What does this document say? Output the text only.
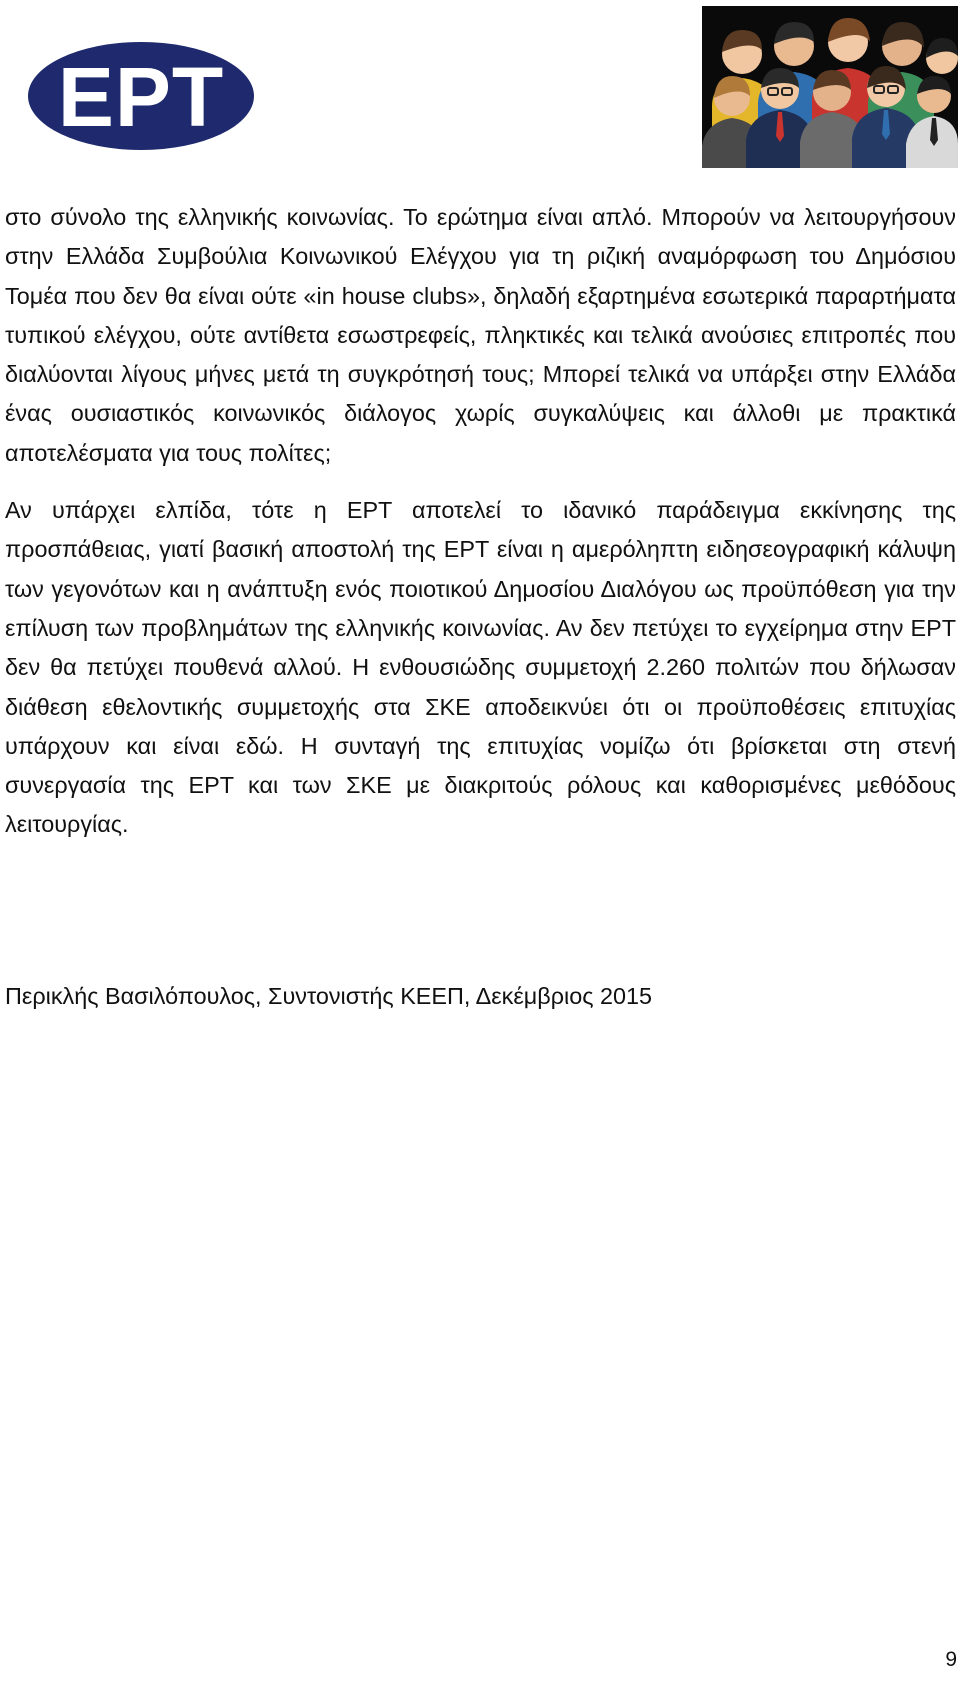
ΕΡΤ

στο σύνολο της ελληνικής κοινωνίας. Το ερώτημα είναι απλό. Μπορούν να λειτουργήσουν στην Ελλάδα Συμβούλια Κοινωνικού Ελέγχου για τη ριζική αναμόρφωση του Δημόσιου Τομέα που δεν θα είναι ούτε «in house clubs», δηλαδή εξαρτημένα εσωτερικά παραρτήματα τυπικού ελέγχου, ούτε αντίθετα εσωστρεφείς, πληκτικές και τελικά ανούσιες επιτροπές που διαλύονται λίγους μήνες μετά τη συγκρότησή τους; Μπορεί τελικά να υπάρξει στην Ελλάδα ένας ουσιαστικός κοινωνικός διάλογος χωρίς συγκαλύψεις και άλλοθι με πρακτικά αποτελέσματα για τους πολίτες;

Αν υπάρχει ελπίδα, τότε η ΕΡΤ αποτελεί το ιδανικό παράδειγμα εκκίνησης της προσπάθειας, γιατί βασική αποστολή της ΕΡΤ είναι η αμερόληπτη ειδησεογραφική κάλυψη των γεγονότων και η ανάπτυξη ενός ποιοτικού Δημοσίου Διαλόγου ως προϋπόθεση για την επίλυση των προβλημάτων της ελληνικής κοινωνίας. Αν δεν πετύχει το εγχείρημα στην ΕΡΤ δεν θα πετύχει πουθενά αλλού. Η ενθουσιώδης συμμετοχή 2.260 πολιτών που δήλωσαν διάθεση εθελοντικής συμμετοχής στα ΣΚΕ αποδεικνύει ότι οι προϋποθέσεις επιτυχίας υπάρχουν και είναι εδώ. Η συνταγή της επιτυχίας νομίζω ότι βρίσκεται στη στενή συνεργασία της ΕΡΤ και των ΣΚΕ με διακριτούς ρόλους και καθορισμένες μεθόδους λειτουργίας.

Περικλής Βασιλόπουλος, Συντονιστής ΚΕΕΠ, Δεκέμβριος 2015

9
